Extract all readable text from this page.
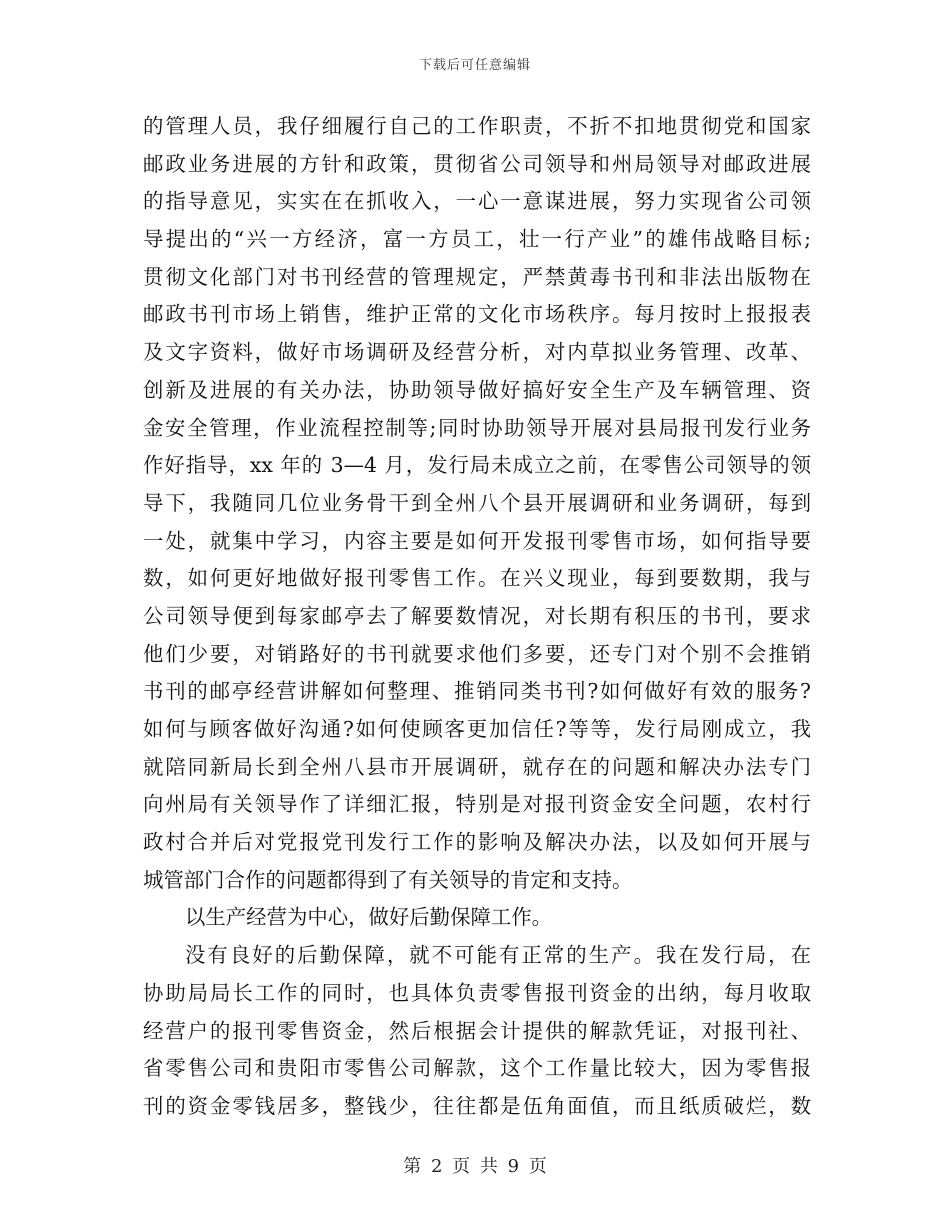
下载后可任意编辑
的管理人员，我仔细履行自己的工作职责，不折不扣地贯彻党和国家
邮政业务进展的方针和政策，贯彻省公司领导和州局领导对邮政进展
的指导意见，实实在在抓收入，一心一意谋进展，努力实现省公司领
导提出的“兴一方经济，富一方员工，壮一行产业”的雄伟战略目标;
贯彻文化部门对书刊经营的管理规定，严禁黄毒书刊和非法出版物在
邮政书刊市场上销售，维护正常的文化市场秩序。每月按时上报报表
及文字资料，做好市场调研及经营分析，对内草拟业务管理、改革、
创新及进展的有关办法，协助领导做好搞好安全生产及车辆管理、资
金安全管理，作业流程控制等;同时协助领导开展对县局报刊发行业务
作好指导，xx 年的 3—4 月，发行局未成立之前，在零售公司领导的领
导下，我随同几位业务骨干到全州八个县开展调研和业务调研，每到
一处，就集中学习，内容主要是如何开发报刊零售市场，如何指导要
数，如何更好地做好报刊零售工作。在兴义现业，每到要数期，我与
公司领导便到每家邮亭去了解要数情况，对长期有积压的书刊，要求
他们少要，对销路好的书刊就要求他们多要，还专门对个别不会推销
书刊的邮亭经营讲解如何整理、推销同类书刊?如何做好有效的服务?
如何与顾客做好沟通?如何使顾客更加信任?等等，发行局刚成立，我
就陪同新局长到全州八县市开展调研，就存在的问题和解决办法专门
向州局有关领导作了详细汇报，特别是对报刊资金安全问题，农村行
政村合并后对党报党刊发行工作的影响及解决办法，以及如何开展与
城管部门合作的问题都得到了有关领导的肯定和支持。
以生产经营为中心，做好后勤保障工作。
没有良好的后勤保障，就不可能有正常的生产。我在发行局，在
协助局局长工作的同时，也具体负责零售报刊资金的出纳，每月收取
经营户的报刊零售资金，然后根据会计提供的解款凭证，对报刊社、
省零售公司和贵阳市零售公司解款，这个工作量比较大，因为零售报
刊的资金零钱居多，整钱少，往往都是伍角面值，而且纸质破烂，数
第 2 页 共 9 页
